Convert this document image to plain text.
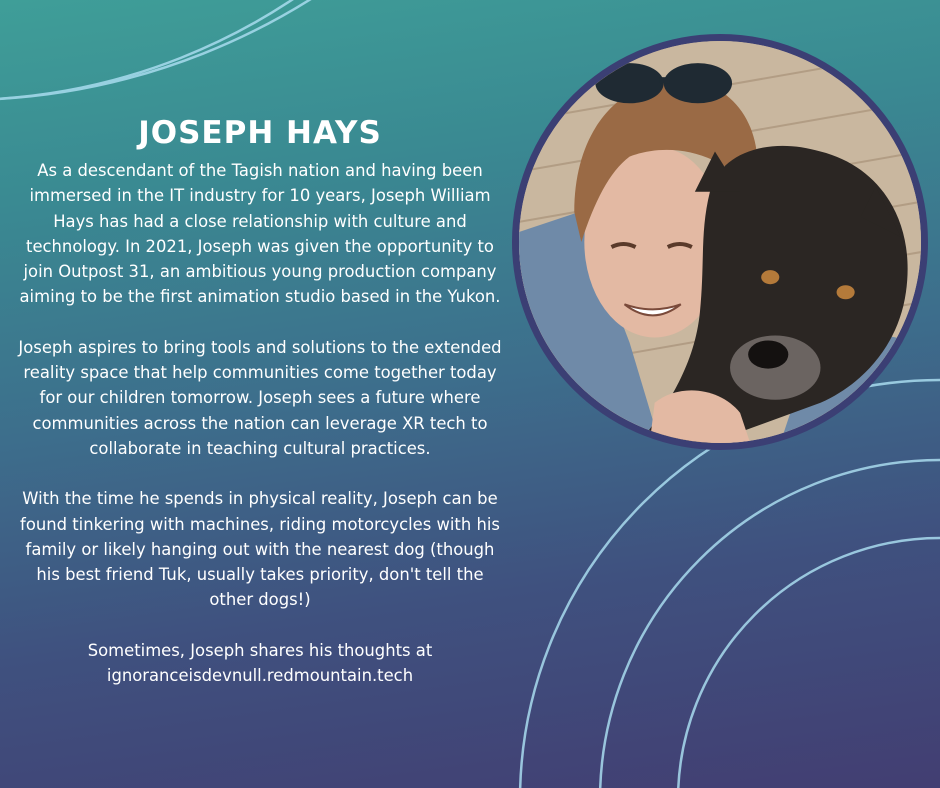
JOSEPH HAYS

As a descendant of the Tagish nation and having been immersed in the IT industry for 10 years, Joseph William Hays has had a close relationship with culture and technology. In 2021, Joseph was given the opportunity to join Outpost 31, an ambitious young production company aiming to be the first animation studio based in the Yukon.

Joseph aspires to bring tools and solutions to the extended reality space that help communities come together today for our children tomorrow. Joseph sees a future where communities across the nation can leverage XR tech to collaborate in teaching cultural practices.

With the time he spends in physical reality, Joseph can be found tinkering with machines, riding motorcycles with his family or likely hanging out with the nearest dog (though his best friend Tuk, usually takes priority, don't tell the other dogs!)

Sometimes, Joseph shares his thoughts at
ignoranceisdevnull.redmountain.tech
